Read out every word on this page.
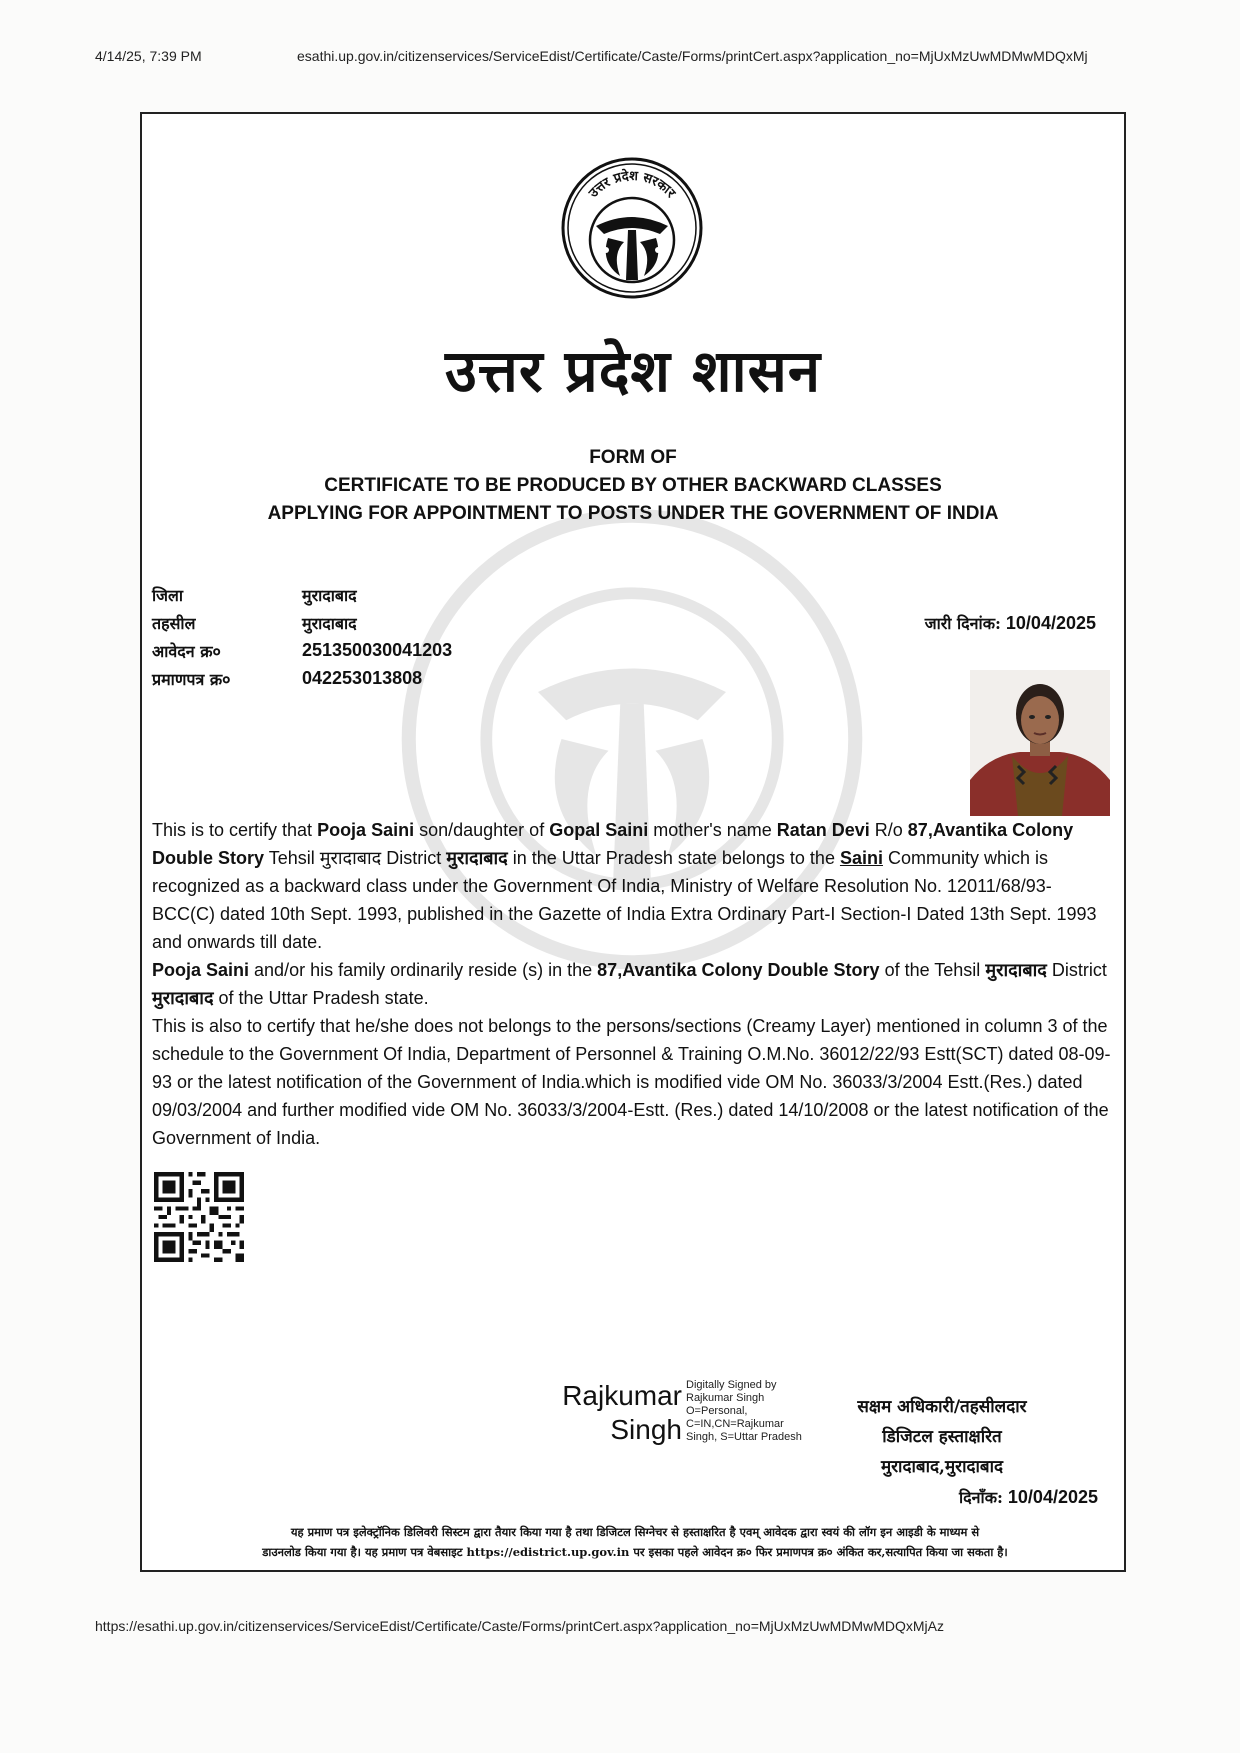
4/14/25, 7:39 PM	esathi.up.gov.in/citizenservices/ServiceEdist/Certificate/Caste/Forms/printCert.aspx?application_no=MjUxMzUwMDMwMDQxMj
उत्तर प्रदेश सरकार
उत्तर प्रदेश शासन
FORM OF
CERTIFICATE TO BE PRODUCED BY OTHER BACKWARD CLASSES
APPLYING FOR APPOINTMENT TO POSTS UNDER THE GOVERNMENT OF INDIA
जिला	मुरादाबाद
तहसील	मुरादाबाद
आवेदन क्र०	251350030041203
प्रमाणपत्र क्र०	042253013808
जारी दिनांक: 10/04/2025

This is to certify that Pooja Saini son/daughter of Gopal Saini mother's name Ratan Devi R/o 87,Avantika Colony Double Story Tehsil मुरादाबाद District मुरादाबाद in the Uttar Pradesh state belongs to the Saini Community which is recognized as a backward class under the Government Of India, Ministry of Welfare Resolution No. 12011/68/93-BCC(C) dated 10th Sept. 1993, published in the Gazette of India Extra Ordinary Part-I Section-I Dated 13th Sept. 1993 and onwards till date.

Pooja Saini and/or his family ordinarily reside (s) in the 87,Avantika Colony Double Story of the Tehsil मुरादाबाद District मुरादाबाद of the Uttar Pradesh state.

This is also to certify that he/she does not belongs to the persons/sections (Creamy Layer) mentioned in column 3 of the schedule to the Government Of India, Department of Personnel & Training O.M.No. 36012/22/93 Estt(SCT) dated 08-09-93 or the latest notification of the Government of India.which is modified vide OM No. 36033/3/2004 Estt.(Res.) dated 09/03/2004 and further modified vide OM No. 36033/3/2004-Estt. (Res.) dated 14/10/2008 or the latest notification of the Government of India.

Rajkumar
Singh
Digitally Signed by
Rajkumar Singh
O=Personal,
C=IN,CN=Rajkumar
Singh, S=Uttar Pradesh
सक्षम अधिकारी/तहसीलदार
डिजिटल हस्ताक्षरित
मुरादाबाद,मुरादाबाद
दिनाँक: 10/04/2025
यह प्रमाण पत्र इलेक्ट्रॉनिक डिलिवरी सिस्टम द्वारा तैयार किया गया है तथा डिजिटल सिग्नेचर से हस्ताक्षरित है एवम् आवेदक द्वारा स्वयं की लॉग इन आइडी के माध्यम से
डाउनलोड किया गया है। यह प्रमाण पत्र वेबसाइट https://edistrict.up.gov.in पर इसका पहले आवेदन क्र० फिर प्रमाणपत्र क्र० अंकित कर,सत्यापित किया जा सकता है।
https://esathi.up.gov.in/citizenservices/ServiceEdist/Certificate/Caste/Forms/printCert.aspx?application_no=MjUxMzUwMDMwMDQxMjAz
